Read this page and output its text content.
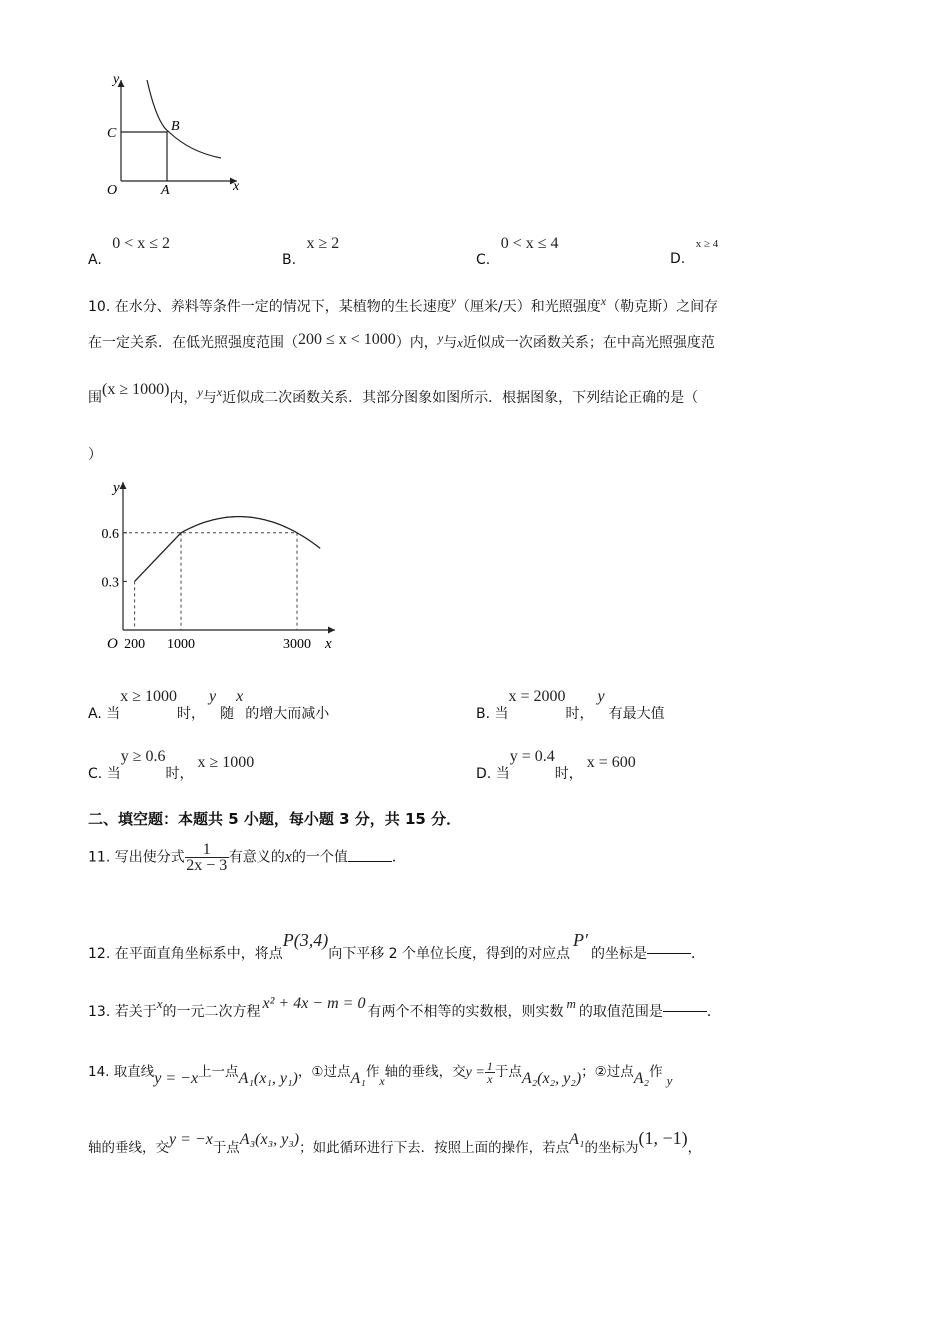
y
x
O	A
B
C
A. 0 < x ≤ 2
B. x ≥ 2
C. 0 < x ≤ 4
D. x ≥ 4
10. 在水分、养料等条件一定的情况下，某植物的生长速度y（厘米/天）和光照强度x（勒克斯）之间存
在一定关系．在低光照强度范围（200 ≤ x < 1000）内，y与x近似成一次函数关系；在中高光照强度范
围(x ≥ 1000)内，y与x近似成二次函数关系．其部分图象如图所示．根据图象，下列结论正确的是（
）
y
x
O
0.3
0.6
200 1000	3000
A. 当x ≥ 1000时，y随x的增大而减小	B. 当x = 2000时，y有最大值
C. 当y ≥ 0.6时，x ≥ 1000
D. 当y = 0.4时，x = 600
二、填空题：本题共 5 小题，每小题 3 分，共 15 分．
11. 写出使分式 $\frac{1}{2x - 3}$ 有意义的x的一个值	．
12. 在平面直角坐标系中，将点P(3,4)向下平移 2 个单位长度，得到的对应点P′的坐标是	．
13. 若关于x的一元二次方程 x² + 4x − m = 0 有两个不相等的实数根，则实数m的取值范围是	．
14. 取直线y = −x上一点A₁(x₁, y₁)，①过点A₁作x轴的垂线，交$y = \frac{1}{x}$ 于点A₂(x₂, y₂)；②过点A₂作y
轴的垂线，交y = −x于点A₃(x₃, y₃)；如此循环进行下去．按照上面的操作，若点A₁的坐标为(1, −1)，
